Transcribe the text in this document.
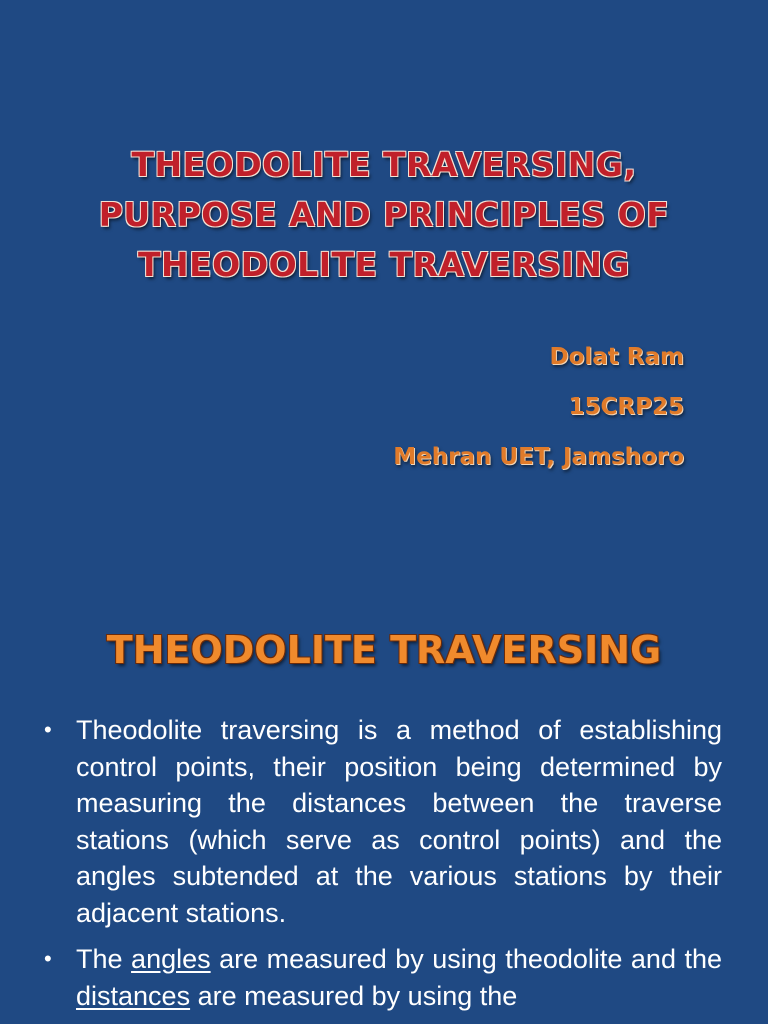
THEODOLITE TRAVERSING,
PURPOSE AND PRINCIPLES OF
THEODOLITE TRAVERSING
Dolat Ram
15CRP25
Mehran UET, Jamshoro
THEODOLITE TRAVERSING
• Theodolite traversing is a method of establishing control points, their position being determined by measuring the distances between the traverse stations (which serve as control points) and the angles subtended at the various stations by their adjacent stations.
• The angles are measured by using theodolite and the distances are measured by using the
